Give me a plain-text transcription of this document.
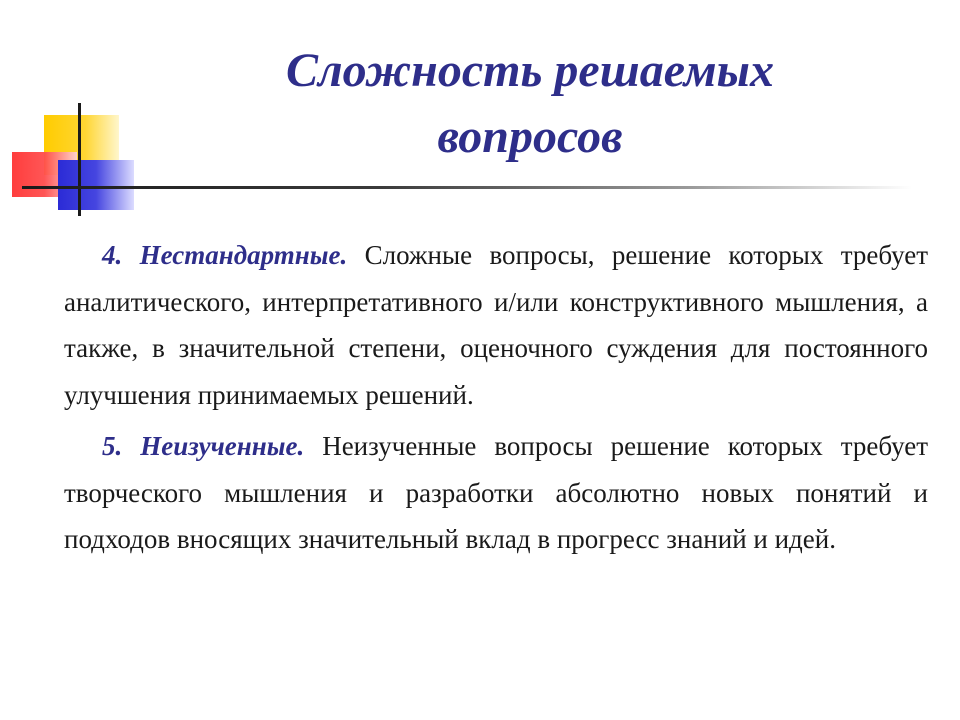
Сложность решаемых
вопросов

4. Нестандартные. Сложные вопросы, решение которых требует аналитического, интерпретативного и/или конструктивного мышления, а также, в значительной степени, оценочного суждения для постоянного улучшения принимаемых решений.

5. Неизученные. Неизученные вопросы решение которых требует творческого мышления и разработки абсолютно новых понятий и подходов вносящих значительный вклад в прогресс знаний и идей.
